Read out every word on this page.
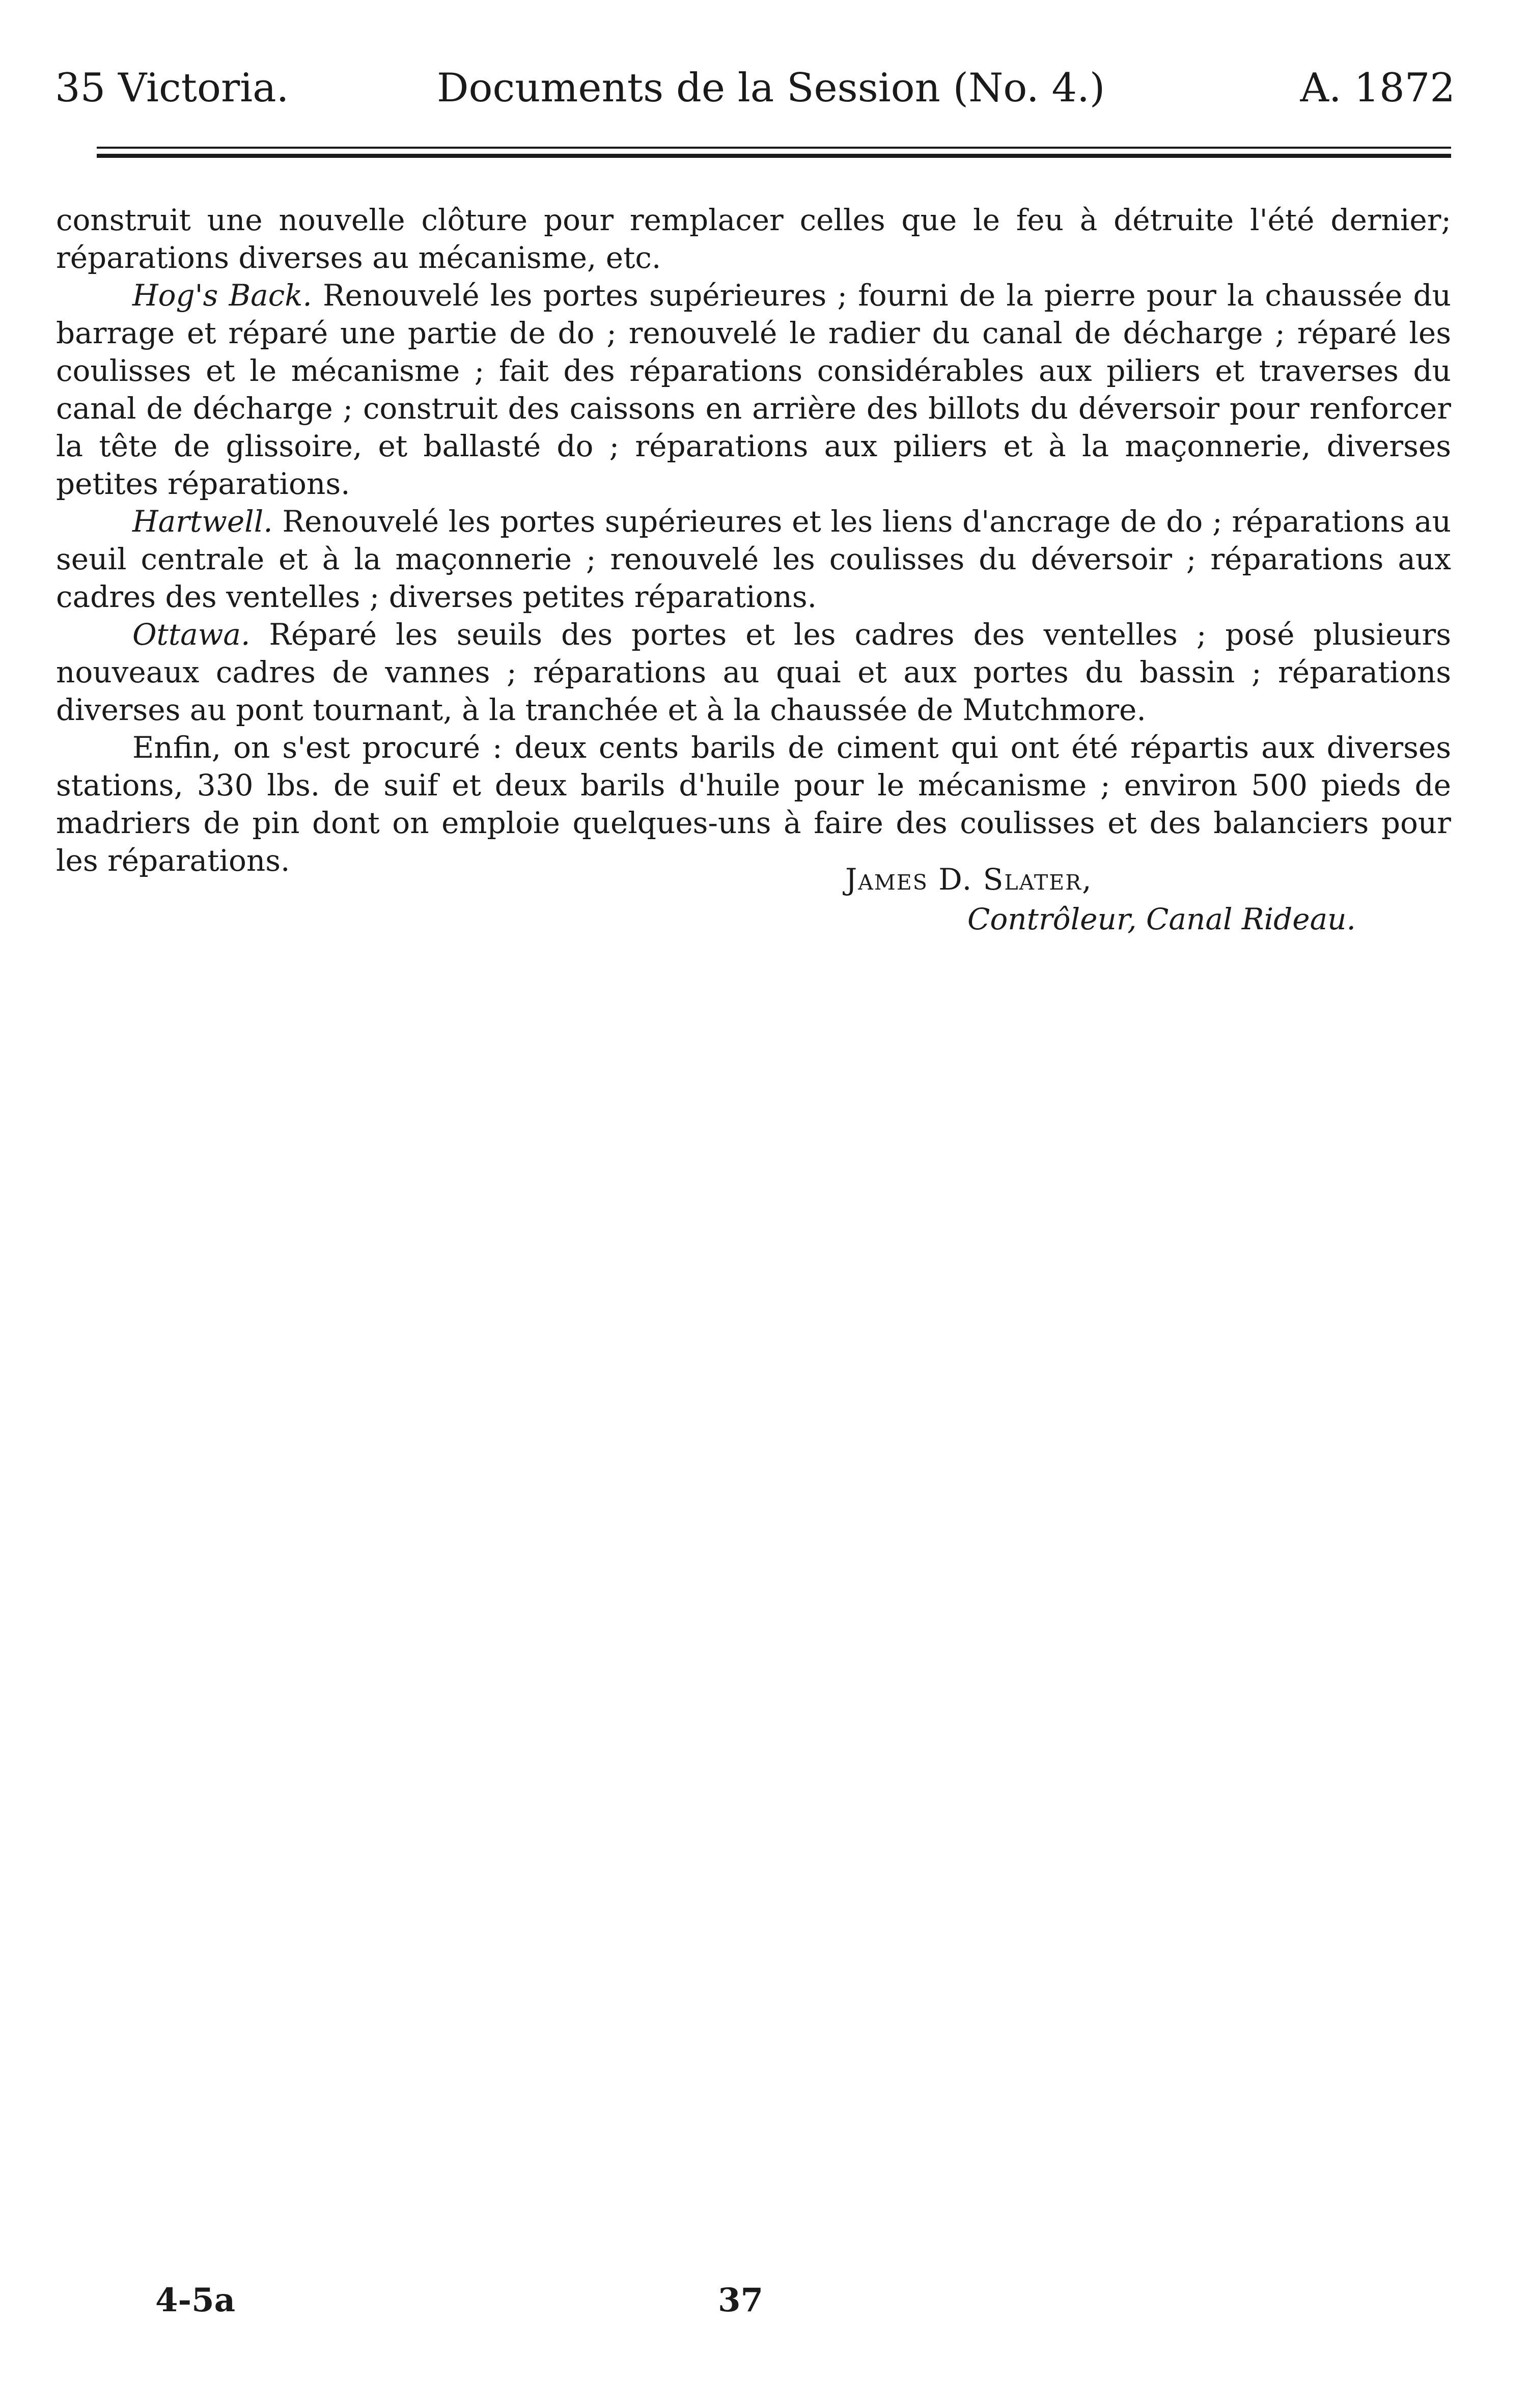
35 Victoria.	Documents de la Session (No. 4.)	A. 1872

construit une nouvelle clôture pour remplacer celles que le feu à détruite l'été dernier; réparations diverses au mécanisme, etc.

Hog's Back. Renouvelé les portes supérieures ; fourni de la pierre pour la chaussée du barrage et réparé une partie de do ; renouvelé le radier du canal de décharge ; réparé les coulisses et le mécanisme ; fait des réparations considérables aux piliers et traverses du canal de décharge ; construit des caissons en arrière des billots du déversoir pour renforcer la tête de glissoire, et ballasté do ; réparations aux piliers et à la maçonnerie, diverses petites réparations.

Hartwell. Renouvelé les portes supérieures et les liens d'ancrage de do ; réparations au seuil centrale et à la maçonnerie ; renouvelé les coulisses du déversoir ; réparations aux cadres des ventelles ; diverses petites réparations.

Ottawa. Réparé les seuils des portes et les cadres des ventelles ; posé plusieurs nouveaux cadres de vannes ; réparations au quai et aux portes du bassin ; réparations diverses au pont tournant, à la tranchée et à la chaussée de Mutchmore.

Enfin, on s'est procuré : deux cents barils de ciment qui ont été répartis aux diverses stations, 330 lbs. de suif et deux barils d'huile pour le mécanisme ; environ 500 pieds de madriers de pin dont on emploie quelques-uns à faire des coulisses et des balanciers pour les réparations.

James D. Slater,
Contrôleur, Canal Rideau.
4-5a	37
